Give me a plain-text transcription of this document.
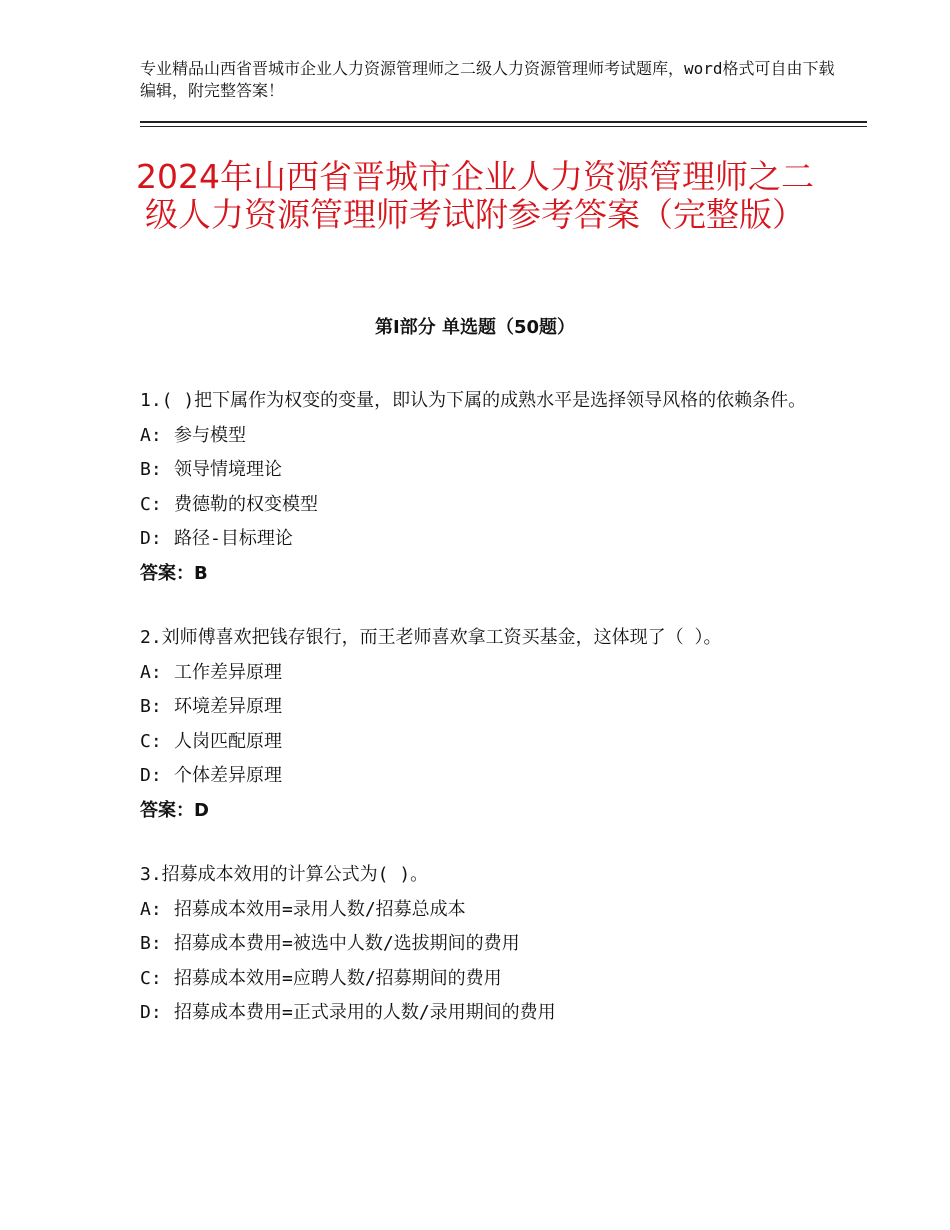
专业精品山西省晋城市企业人力资源管理师之二级人力资源管理师考试题库，word格式可自由下载编辑，附完整答案！
2024年山西省晋城市企业人力资源管理师之二级人力资源管理师考试附参考答案（完整版）
第Ⅰ部分 单选题（50题）
1.( )把下属作为权变的变量，即认为下属的成熟水平是选择领导风格的依赖条件。
A: 参与模型
B: 领导情境理论
C: 费德勒的权变模型
D: 路径-目标理论
答案：B
2.刘师傅喜欢把钱存银行，而王老师喜欢拿工资买基金，这体现了（ ）。
A: 工作差异原理
B: 环境差异原理
C: 人岗匹配原理
D: 个体差异原理
答案：D
3.招募成本效用的计算公式为( )。
A: 招募成本效用=录用人数/招募总成本
B: 招募成本费用=被选中人数/选拔期间的费用
C: 招募成本效用=应聘人数/招募期间的费用
D: 招募成本费用=正式录用的人数/录用期间的费用
